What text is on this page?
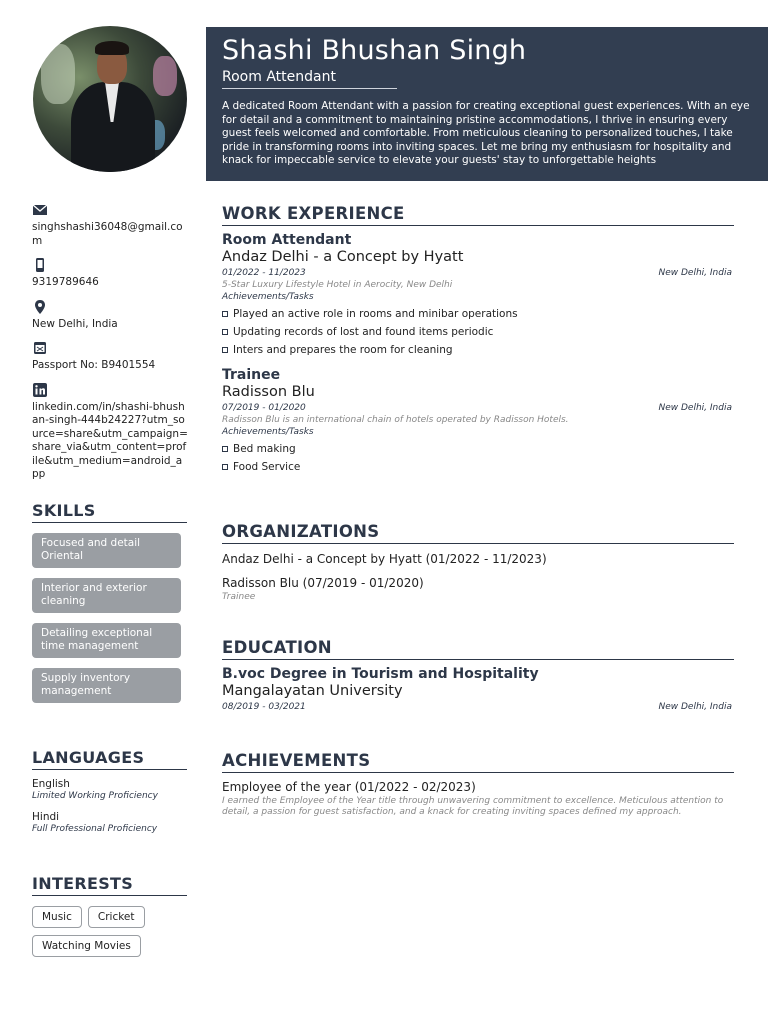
singhshashi36048@gmail.com
9319789646
New Delhi, India
Passport No: B9401554
linkedin.com/in/shashi-bhushan-singh-444b24227?utm_source=share&utm_campaign=share_via&utm_content=profile&utm_medium=android_app
SKILLS
Focused and detail Oriental
Interior and exterior cleaning
Detailing exceptional time management
Supply inventory management
LANGUAGES
English
Limited Working Proficiency
Hindi
Full Professional Proficiency
INTERESTS
Music	Cricket
Watching Movies
Shashi Bhushan Singh
Room Attendant
A dedicated Room Attendant with a passion for creating exceptional guest experiences. With an eye for detail and a commitment to maintaining pristine accommodations, I thrive in ensuring every guest feels welcomed and comfortable. From meticulous cleaning to personalized touches, I take pride in transforming rooms into inviting spaces. Let me bring my enthusiasm for hospitality and knack for impeccable service to elevate your guests' stay to unforgettable heights
WORK EXPERIENCE
Room Attendant
Andaz Delhi - a Concept by Hyatt
01/2022 - 11/2023	New Delhi, India
5-Star Luxury Lifestyle Hotel in Aerocity, New Delhi
Achievements/Tasks
Played an active role in rooms and minibar operations
Updating records of lost and found items periodic
Inters and prepares the room for cleaning
Trainee
Radisson Blu
07/2019 - 01/2020	New Delhi, India
Radisson Blu is an international chain of hotels operated by Radisson Hotels.
Achievements/Tasks
Bed making
Food Service
ORGANIZATIONS
Andaz Delhi - a Concept by Hyatt (01/2022 - 11/2023)
Radisson Blu (07/2019 - 01/2020)
Trainee
EDUCATION
B.voc Degree in Tourism and Hospitality
Mangalayatan University
08/2019 - 03/2021	New Delhi, India
ACHIEVEMENTS
Employee of the year (01/2022 - 02/2023)
I earned the Employee of the Year title through unwavering commitment to excellence. Meticulous attention to detail, a passion for guest satisfaction, and a knack for creating inviting spaces defined my approach.
